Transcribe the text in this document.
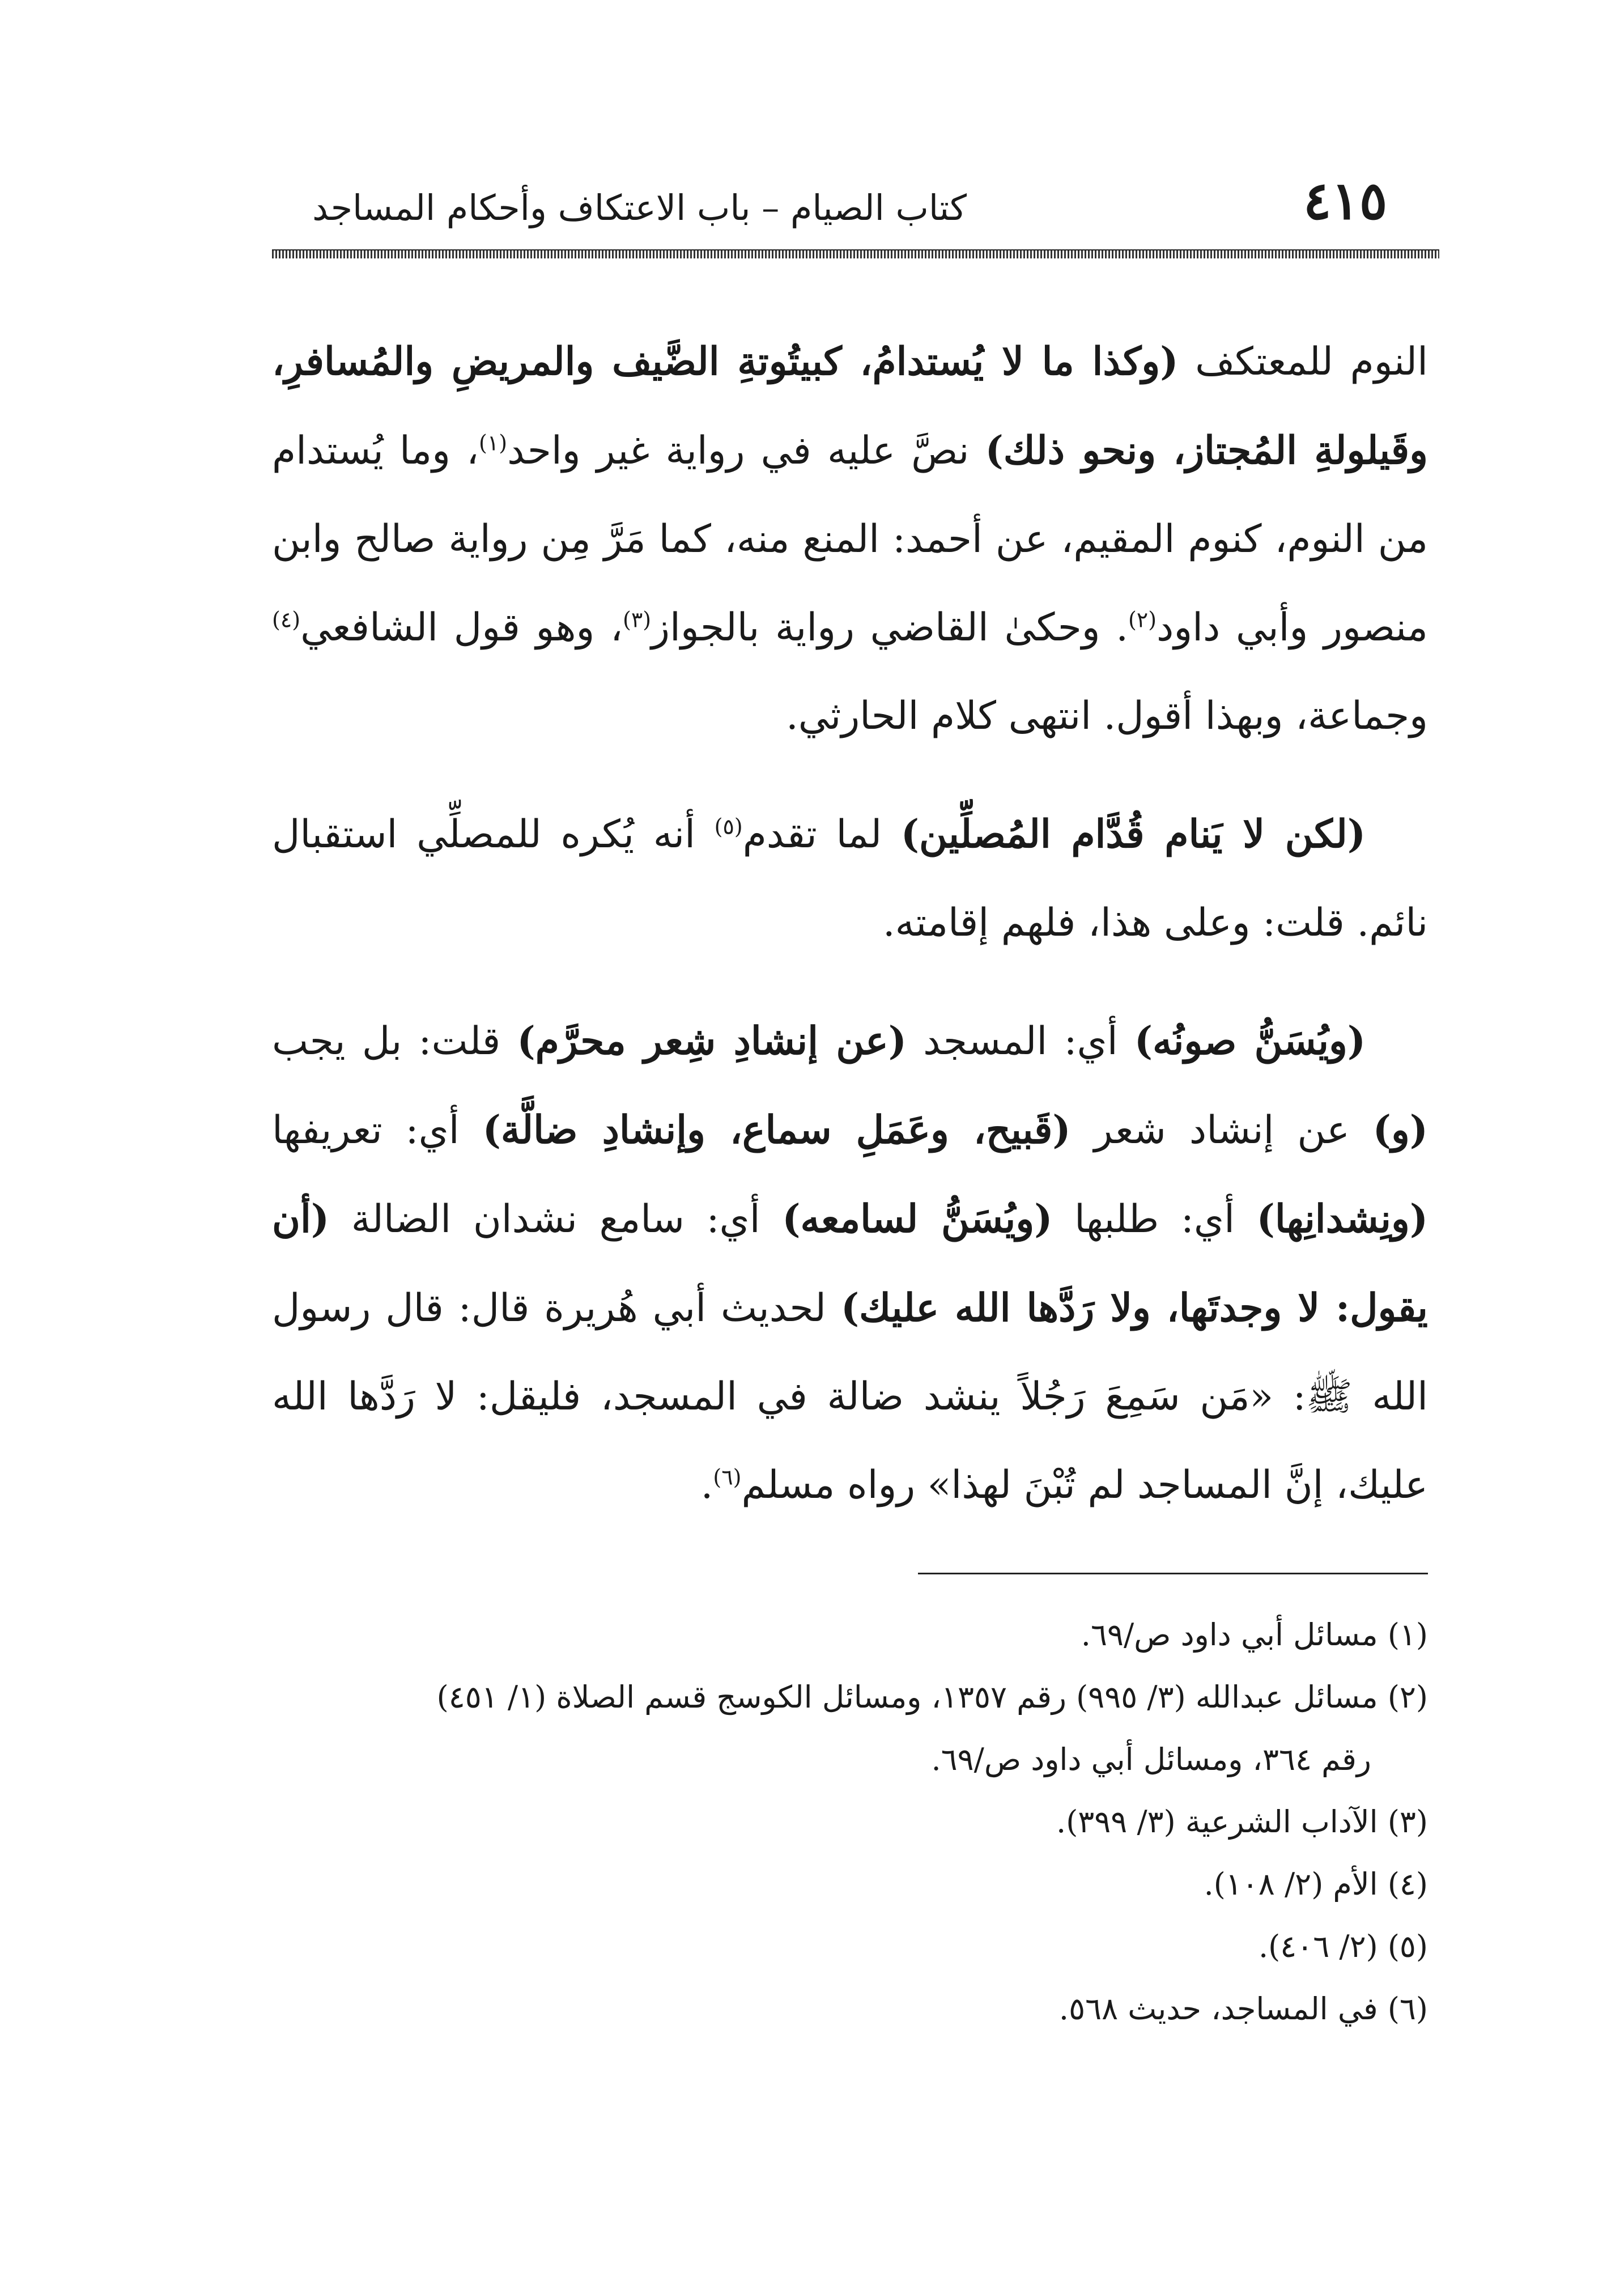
٤١٥
كتاب الصيام – باب الاعتكاف وأحكام المساجد

النوم للمعتكف (وكذا ما لا يُستدامُ، كبيتُوتةِ الضَّيف والمريضِ والمُسافرِ، وقَيلولةِ المُجتاز، ونحو ذلك) نصَّ عليه في رواية غير واحد$^{(١)}$، وما يُستدام من النوم، كنوم المقيم، عن أحمد: المنع منه، كما مَرَّ مِن رواية صالح وابن منصور وأبي داود$^{(٢)}$. وحكىٰ القاضي رواية بالجواز$^{(٣)}$، وهو قول الشافعي$^{(٤)}$ وجماعة، وبهذا أقول. انتهى كلام الحارثي.

(لكن لا يَنام قُدَّام المُصلِّين) لما تقدم$^{(٥)}$ أنه يُكره للمصلِّي استقبال نائم. قلت: وعلى هذا، فلهم إقامته.

(ويُسَنُّ صونُه) أي: المسجد (عن إنشادِ شِعر محرَّم) قلت: بل يجب (و) عن إنشاد شعر (قَبيح، وعَمَلِ سماع، وإنشادِ ضالَّة) أي: تعريفها (ونِشدانِها) أي: طلبها (ويُسَنُّ لسامعه) أي: سامع نشدان الضالة (أن يقول: لا وجدتَها، ولا رَدَّها الله عليك) لحديث أبي هُريرة قال: قال رسول الله ﷺ: «مَن سَمِعَ رَجُلاً ينشد ضالة في المسجد، فليقل: لا رَدَّها الله عليك، إنَّ المساجد لم تُبْنَ لهذا» رواه مسلم$^{(٦)}$.

(١) مسائل أبي داود ص/٦٩.

(٢) مسائل عبدالله (٣/ ٩٩٥) رقم ١٣٥٧، ومسائل الكوسج قسم الصلاة (١/ ٤٥١)

رقم ٣٦٤، ومسائل أبي داود ص/٦٩.

(٣) الآداب الشرعية (٣/ ٣٩٩).

(٤) الأم (٢/ ١٠٨).

(٥) (٢/ ٤٠٦).

(٦) في المساجد، حديث ٥٦٨.
